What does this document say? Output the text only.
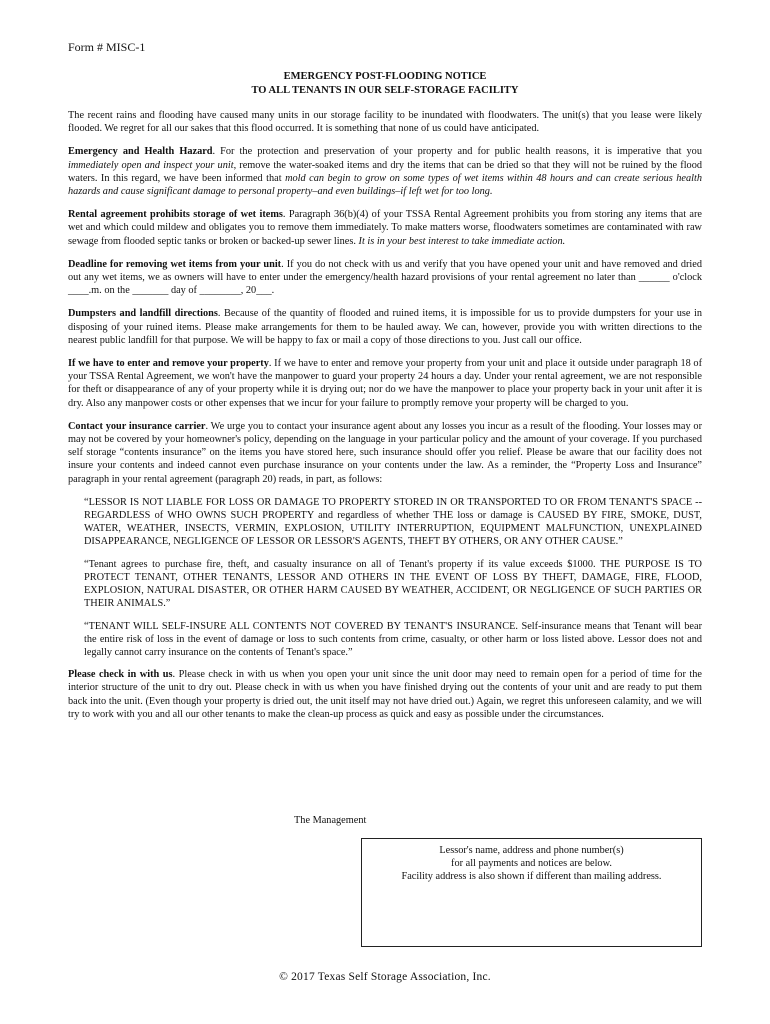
Form # MISC-1
EMERGENCY POST-FLOODING NOTICE
TO ALL TENANTS IN OUR SELF-STORAGE FACILITY

The recent rains and flooding have caused many units in our storage facility to be inundated with floodwaters. The unit(s) that you lease were likely flooded. We regret for all our sakes that this flood occurred. It is something that none of us could have anticipated.

Emergency and Health Hazard. For the protection and preservation of your property and for public health reasons, it is imperative that you immediately open and inspect your unit, remove the water-soaked items and dry the items that can be dried so that they will not be ruined by the flood waters. In this regard, we have been informed that mold can begin to grow on some types of wet items within 48 hours and can create serious health hazards and cause significant damage to personal property–and even buildings–if left wet for too long.

Rental agreement prohibits storage of wet items. Paragraph 36(b)(4) of your TSSA Rental Agreement prohibits you from storing any items that are wet and which could mildew and obligates you to remove them immediately. To make matters worse, floodwaters sometimes are contaminated with raw sewage from flooded septic tanks or broken or backed-up sewer lines. It is in your best interest to take immediate action.

Deadline for removing wet items from your unit. If you do not check with us and verify that you have opened your unit and have removed and dried out any wet items, we as owners will have to enter under the emergency/health hazard provisions of your rental agreement no later than ______ o'clock ____.m. on the _______ day of ________, 20___.

Dumpsters and landfill directions. Because of the quantity of flooded and ruined items, it is impossible for us to provide dumpsters for your use in disposing of your ruined items. Please make arrangements for them to be hauled away. We can, however, provide you with written directions to the nearest public landfill for that purpose. We will be happy to fax or mail a copy of those directions to you. Just call our office.

If we have to enter and remove your property. If we have to enter and remove your property from your unit and place it outside under paragraph 18 of your TSSA Rental Agreement, we won't have the manpower to guard your property 24 hours a day. Under your rental agreement, we are not responsible for theft or disappearance of any of your property while it is drying out; nor do we have the manpower to place your property back in your unit after it is dry. Also any manpower costs or other expenses that we incur for your failure to promptly remove your property will be charged to you.

Contact your insurance carrier. We urge you to contact your insurance agent about any losses you incur as a result of the flooding. Your losses may or may not be covered by your homeowner's policy, depending on the language in your particular policy and the amount of your coverage. If you purchased self storage “contents insurance” on the items you have stored here, such insurance should offer you relief. Please be aware that our facility does not insure your contents and indeed cannot even purchase insurance on your contents under the law. As a reminder, the “Property Loss and Insurance” paragraph in your rental agreement (paragraph 20) reads, in part, as follows:

“LESSOR IS NOT LIABLE FOR LOSS OR DAMAGE TO PROPERTY STORED IN OR TRANSPORTED TO OR FROM TENANT'S SPACE -- REGARDLESS of WHO OWNS SUCH PROPERTY and regardless of whether THE loss or damage is CAUSED BY FIRE, SMOKE, DUST, WATER, WEATHER, INSECTS, VERMIN, EXPLOSION, UTILITY INTERRUPTION, EQUIPMENT MALFUNCTION, UNEXPLAINED DISAPPEARANCE, NEGLIGENCE OF LESSOR OR LESSOR'S AGENTS, THEFT BY OTHERS, OR ANY OTHER CAUSE.”

“Tenant agrees to purchase fire, theft, and casualty insurance on all of Tenant's property if its value exceeds $1000. THE PURPOSE IS TO PROTECT TENANT, OTHER TENANTS, LESSOR AND OTHERS IN THE EVENT OF LOSS BY THEFT, DAMAGE, FIRE, FLOOD, EXPLOSION, NATURAL DISASTER, OR OTHER HARM CAUSED BY WEATHER, ACCIDENT, OR NEGLIGENCE OF SUCH PARTIES OR THEIR ANIMALS.”

“TENANT WILL SELF-INSURE ALL CONTENTS NOT COVERED BY TENANT'S INSURANCE. Self-insurance means that Tenant will bear the entire risk of loss in the event of damage or loss to such contents from crime, casualty, or other harm or loss listed above. Lessor does not and legally cannot carry insurance on the contents of Tenant's space.”

Please check in with us. Please check in with us when you open your unit since the unit door may need to remain open for a period of time for the interior structure of the unit to dry out. Please check in with us when you have finished drying out the contents of your unit and are ready to put them back into the unit. (Even though your property is dried out, the unit itself may not have dried out.) Again, we regret this unforeseen calamity, and we will try to work with you and all our other tenants to make the clean-up process as quick and easy as possible under the circumstances.

The Management
Lessor's name, address and phone number(s)
for all payments and notices are below.
Facility address is also shown if different than mailing address.
© 2017 Texas Self Storage Association, Inc.
